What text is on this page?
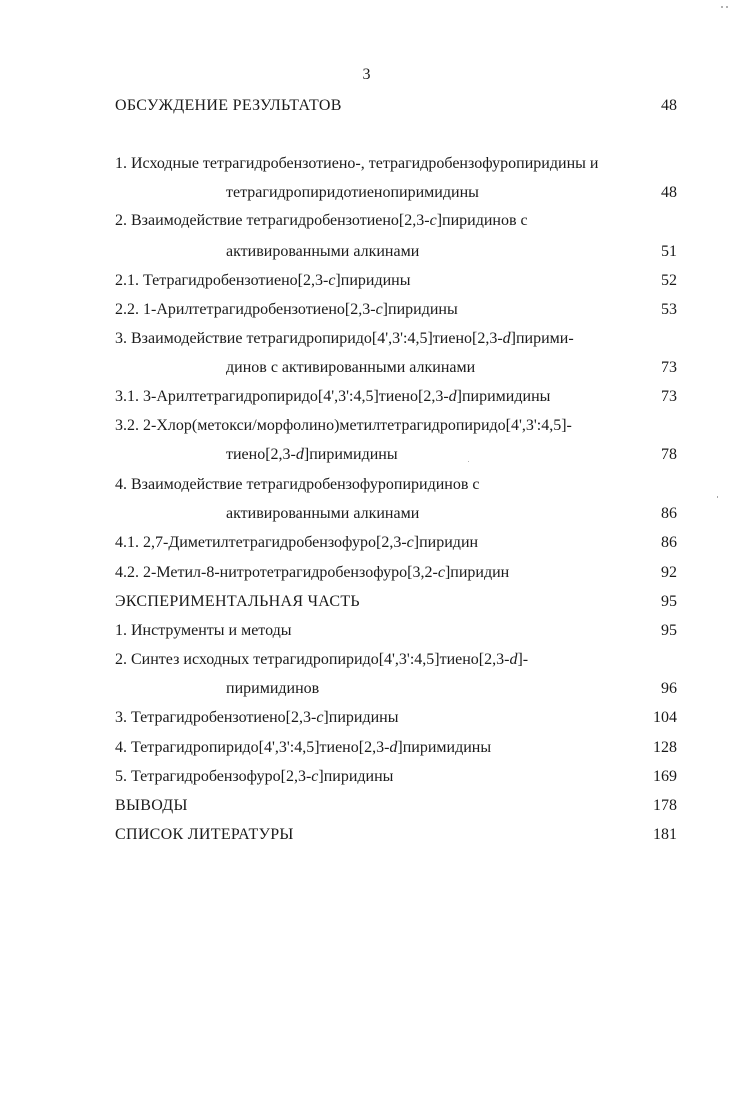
3
ОБСУЖДЕНИЕ РЕЗУЛЬТАТОВ	48
1. Исходные тетрагидробензотиено-, тетрагидробензофуропиридины и
тетрагидропиридотиенопиримидины	48
2. Взаимодействие тетрагидробензотиено[2,3-c]пиридинов с
активированными алкинами	51
2.1. Тетрагидробензотиено[2,3-c]пиридины	52
2.2. 1-Арилтетрагидробензотиено[2,3-c]пиридины	53
3. Взаимодействие тетрагидропиридо[4',3':4,5]тиено[2,3-d]пирими-
динов с активированными алкинами	73
3.1. 3-Арилтетрагидропиридо[4',3':4,5]тиено[2,3-d]пиримидины	73
3.2. 2-Хлор(метокси/морфолино)метилтетрагидропиридо[4',3':4,5]-
тиено[2,3-d]пиримидины	78
4. Взаимодействие тетрагидробензофуропиридинов с
активированными алкинами	86
4.1. 2,7-Диметилтетрагидробензофуро[2,3-c]пиридин	86
4.2. 2-Метил-8-нитротетрагидробензофуро[3,2-c]пиридин	92
ЭКСПЕРИМЕНТАЛЬНАЯ ЧАСТЬ	95
1. Инструменты и методы	95
2. Синтез исходных тетрагидропиридо[4',3':4,5]тиено[2,3-d]-
пиримидинов	96
3. Тетрагидробензотиено[2,3-c]пиридины	104
4. Тетрагидропиридо[4',3':4,5]тиено[2,3-d]пиримидины	128
5. Тетрагидробензофуро[2,3-c]пиридины	169
ВЫВОДЫ	178
СПИСОК ЛИТЕРАТУРЫ	181
